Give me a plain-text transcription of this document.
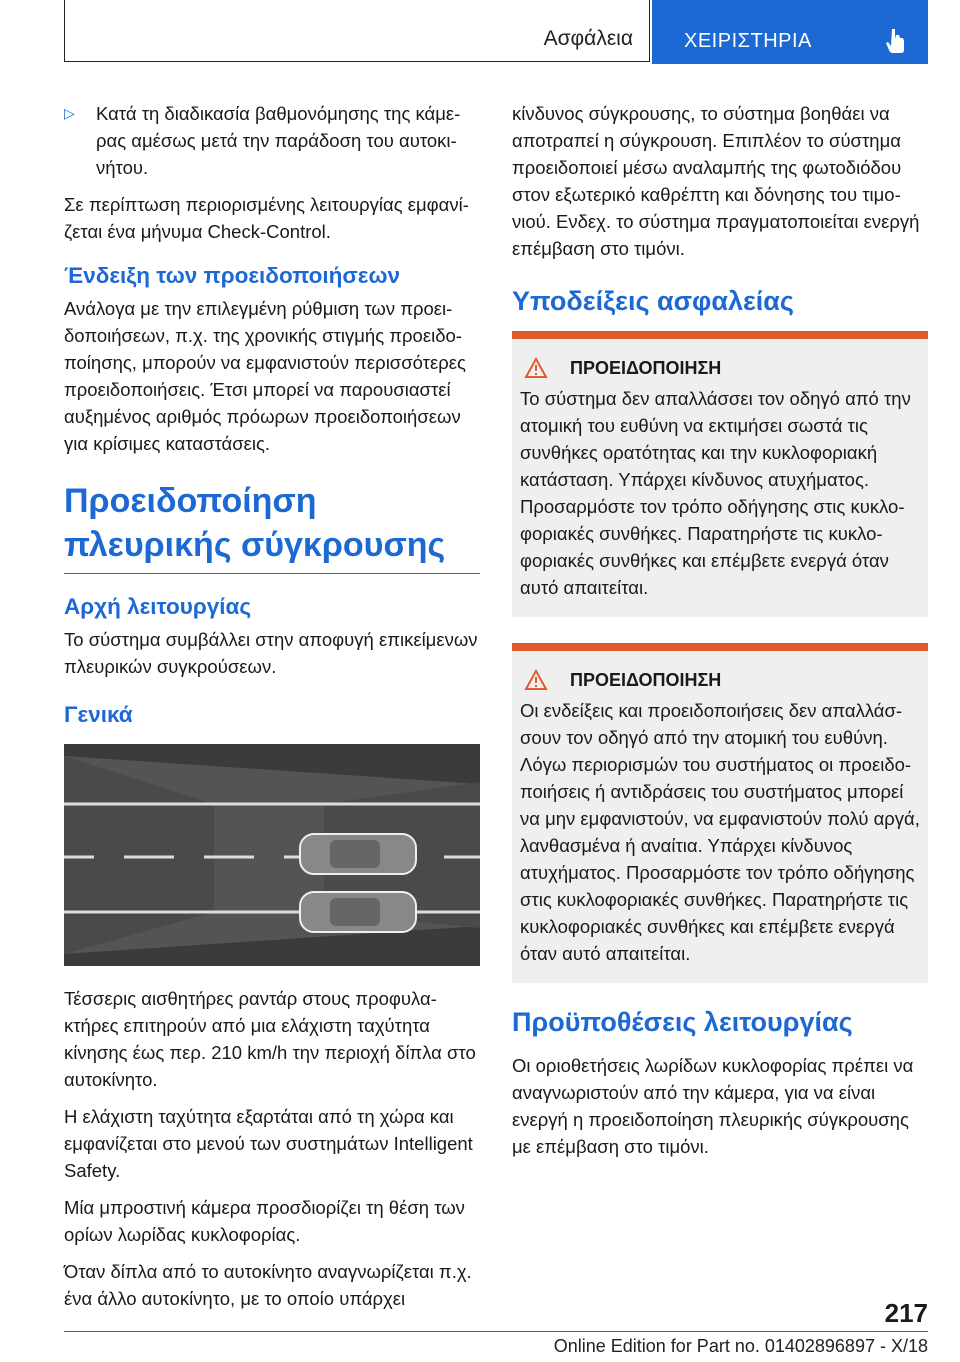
Ασφάλεια	ΧΕΙΡΙΣΤΗΡΙΑ

▷ Κατά τη διαδικασία βαθμονόμησης της κάμερας αμέσως μετά την παράδοση του αυτοκινήτου.

Σε περίπτωση περιορισμένης λειτουργίας εμφανίζεται ένα μήνυμα Check-Control.

Ένδειξη των προειδοποιήσεων

Ανάλογα με την επιλεγμένη ρύθμιση των προειδοποιήσεων, π.χ. της χρονικής στιγμής προειδοποίησης, μπορούν να εμφανιστούν περισσότερες προειδοποιήσεις. Έτσι μπορεί να παρουσιαστεί αυξημένος αριθμός πρόωρων προειδοποιήσεων για κρίσιμες καταστάσεις.

Προειδοποίηση πλευρικής σύγκρουσης
Αρχή λειτουργίας

Το σύστημα συμβάλλει στην αποφυγή επικείμενων πλευρικών συγκρούσεων.

Γενικά

Τέσσερις αισθητήρες ραντάρ στους προφυλακτήρες επιτηρούν από μια ελάχιστη ταχύτητα κίνησης έως περ. 210 km/h την περιοχή δίπλα στο αυτοκίνητο.

Η ελάχιστη ταχύτητα εξαρτάται από τη χώρα και εμφανίζεται στο μενού των συστημάτων Intelligent Safety.

Μία μπροστινή κάμερα προσδιορίζει τη θέση των ορίων λωρίδας κυκλοφορίας.

Όταν δίπλα από το αυτοκίνητο αναγνωρίζεται π.χ. ένα άλλο αυτοκίνητο, με το οποίο υπάρχει

κίνδυνος σύγκρουσης, το σύστημα βοηθάει να αποτραπεί η σύγκρουση. Επιπλέον το σύστημα προειδοποιεί μέσω αναλαμπής της φωτοδιόδου στον εξωτερικό καθρέπτη και δόνησης του τιμονιού. Ενδεχ. το σύστημα πραγματοποιείται ενεργή επέμβαση στο τιμόνι.

Υποδείξεις ασφαλείας
ΠΡΟΕΙΔΟΠΟΙΗΣΗ

Το σύστημα δεν απαλλάσσει τον οδηγό από την ατομική του ευθύνη να εκτιμήσει σωστά τις συνθήκες ορατότητας και την κυκλοφοριακή κατάσταση. Υπάρχει κίνδυνος ατυχήματος. Προσαρμόστε τον τρόπο οδήγησης στις κυκλοφοριακές συνθήκες. Παρατηρήστε τις κυκλοφοριακές συνθήκες και επέμβετε ενεργά όταν αυτό απαιτείται.

ΠΡΟΕΙΔΟΠΟΙΗΣΗ

Οι ενδείξεις και προειδοποιήσεις δεν απαλλάσσουν τον οδηγό από την ατομική του ευθύνη. Λόγω περιορισμών του συστήματος οι προειδοποιήσεις ή αντιδράσεις του συστήματος μπορεί να μην εμφανιστούν, να εμφανιστούν πολύ αργά, λανθασμένα ή αναίτια. Υπάρχει κίνδυνος ατυχήματος. Προσαρμόστε τον τρόπο οδήγησης στις κυκλοφοριακές συνθήκες. Παρατηρήστε τις κυκλοφοριακές συνθήκες και επέμβετε ενεργά όταν αυτό απαιτείται.

Προϋποθέσεις λειτουργίας

Οι οριοθετήσεις λωρίδων κυκλοφορίας πρέπει να αναγνωριστούν από την κάμερα, για να είναι ενεργή η προειδοποίηση πλευρικής σύγκρουσης με επέμβαση στο τιμόνι.

217
Online Edition for Part no. 01402896897 - X/18
